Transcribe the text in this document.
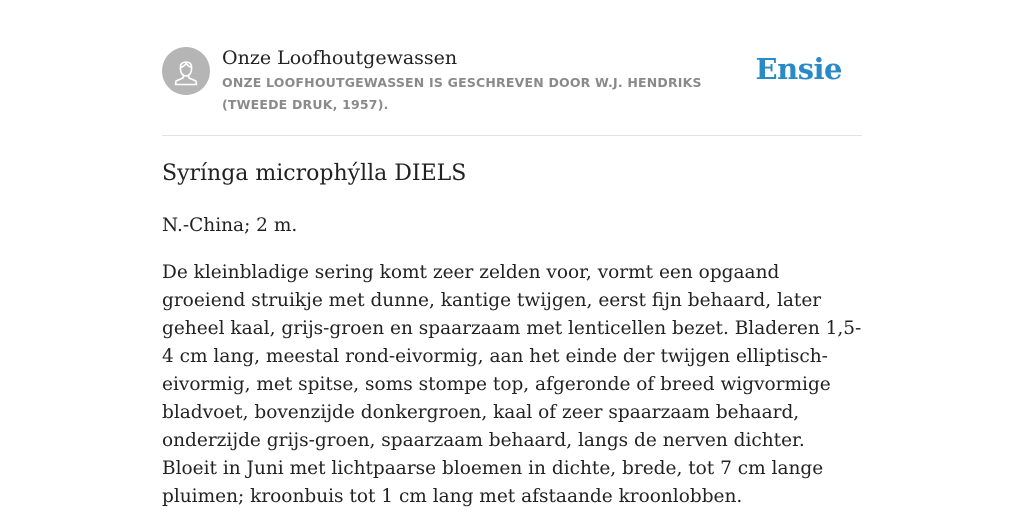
Onze Loofhoutgewassen
ONZE LOOFHOUTGEWASSEN IS GESCHREVEN DOOR W.J. HENDRIKS (TWEEDE DRUK, 1957).
Ensie
Syrínga microphýlla DIELS

N.-China; 2 m.

De kleinbladige sering komt zeer zelden voor, vormt een opgaand groeiend struikje met dunne, kantige twijgen, eerst fijn behaard, later geheel kaal, grijs-groen en spaarzaam met lenticellen bezet. Bladeren 1,5-4 cm lang, meestal rond-eivormig, aan het einde der twijgen elliptisch-eivormig, met spitse, soms stompe top, afgeronde of breed wigvormige bladvoet, bovenzijde donkergroen, kaal of zeer spaarzaam behaard, onderzijde grijs-groen, spaarzaam behaard, langs de nerven dichter. Bloeit in Juni met lichtpaarse bloemen in dichte, brede, tot 7 cm lange pluimen; kroonbuis tot 1 cm lang met afstaande kroonlobben.
